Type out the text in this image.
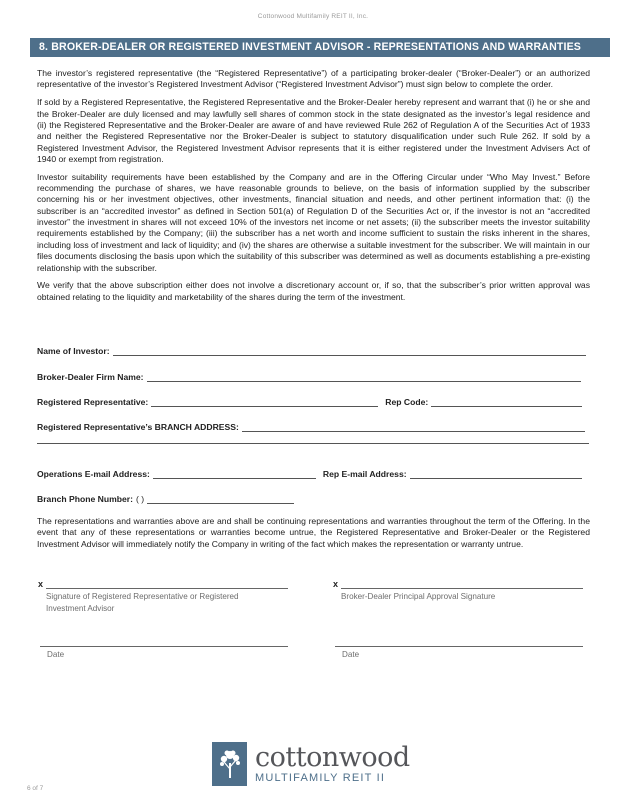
Cottonwood Multifamily REIT II, Inc.
8. BROKER-DEALER OR REGISTERED INVESTMENT ADVISOR - REPRESENTATIONS AND WARRANTIES

The investor’s registered representative (the “Registered Representative”) of a participating broker-dealer (“Broker-Dealer”) or an authorized representative of the investor’s Registered Investment Advisor (“Registered Investment Advisor”) must sign below to complete the order.

If sold by a Registered Representative, the Registered Representative and the Broker-Dealer hereby represent and warrant that (i) he or she and the Broker-Dealer are duly licensed and may lawfully sell shares of common stock in the state designated as the investor’s legal residence and (ii) the Registered Representative and the Broker-Dealer are aware of and have reviewed Rule 262 of Regulation A of the Securities Act of 1933 and neither the Registered Representative nor the Broker-Dealer is subject to statutory disqualification under such Rule 262. If sold by a Registered Investment Advisor, the Registered Investment Advisor represents that it is either registered under the Investment Advisers Act of 1940 or exempt from registration.

Investor suitability requirements have been established by the Company and are in the Offering Circular under “Who May Invest.” Before recommending the purchase of shares, we have reasonable grounds to believe, on the basis of information supplied by the subscriber concerning his or her investment objectives, other investments, financial situation and needs, and other pertinent information that: (i) the subscriber is an “accredited investor” as defined in Section 501(a) of Regulation D of the Securities Act or, if the investor is not an “accredited investor” the investment in shares will not exceed 10% of the investors net income or net assets; (ii) the subscriber meets the investor suitability requirements established by the Company; (iii) the subscriber has a net worth and income sufficient to sustain the risks inherent in the shares, including loss of investment and lack of liquidity; and (iv) the shares are otherwise a suitable investment for the subscriber. We will maintain in our files documents disclosing the basis upon which the suitability of this subscriber was determined as well as documents establishing a pre-existing relationship with the subscriber.

We verify that the above subscription either does not involve a discretionary account or, if so, that the subscriber’s prior written approval was obtained relating to the liquidity and marketability of the shares during the term of the investment.

Name of Investor:
Broker-Dealer Firm Name:
Registered Representative:	Rep Code:
Registered Representative’s BRANCH ADDRESS:
Operations E-mail Address:	Rep E-mail Address:
Branch Phone Number: ( )

The representations and warranties above are and shall be continuing representations and warranties throughout the term of the Offering. In the event that any of these representations or warranties become untrue, the Registered Representative and Broker-Dealer or the Registered Investment Advisor will immediately notify the Company in writing of the fact which makes the representation or warranty untrue.

x
Signature of Registered Representative or Registered
Investment Advisor
x
Broker-Dealer Principal Approval Signature
Date	Date
6 of 7
cottonwood
MULTIFAMILY REIT II
